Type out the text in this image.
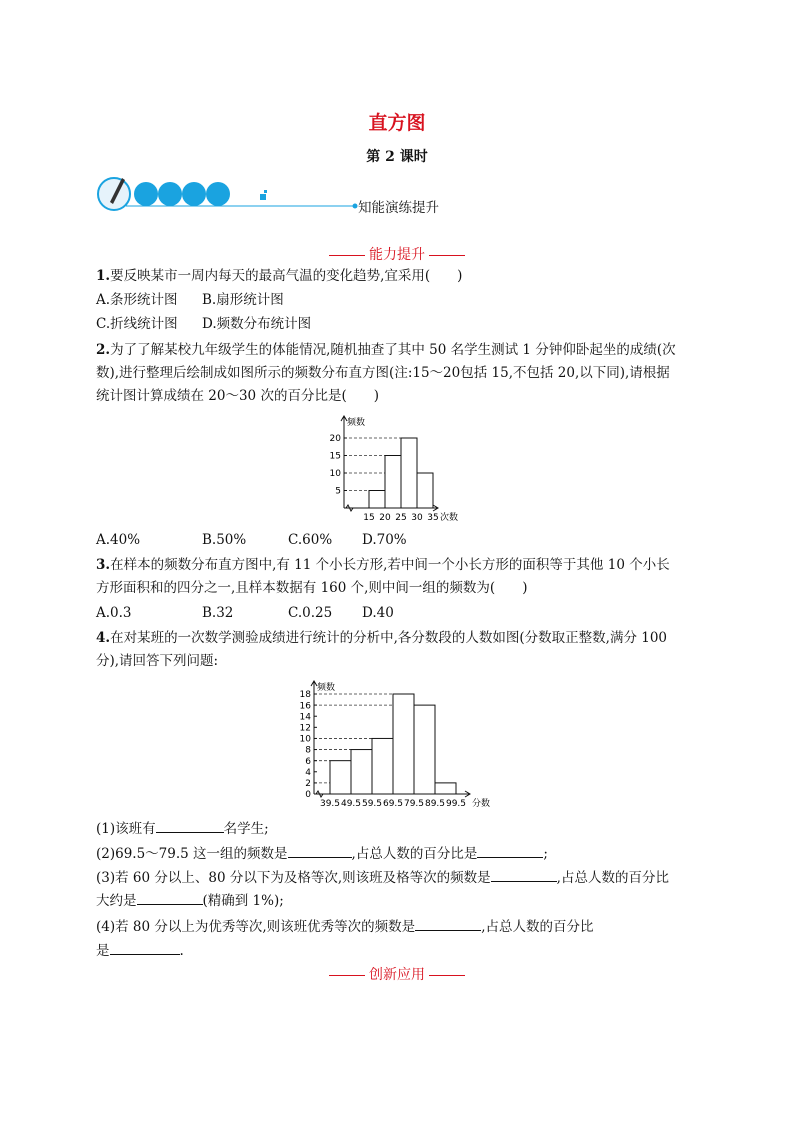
直方图
第 2 课时
知能演练提升
能力提升
1.要反映某市一周内每天的最高气温的变化趋势,宜采用(　　)
A.条形统计图 B.扇形统计图
C.折线统计图 D.频数分布统计图
2.为了了解某校九年级学生的体能情况,随机抽查了其中 50 名学生测试 1 分钟仰卧起坐的成绩(次
数),进行整理后绘制成如图所示的频数分布直方图(注:15～20包括 15,不包括 20,以下同),请根据
统计图计算成绩在 20～30 次的百分比是(　　)
5
10
15
20
15 20 25 30 35 次数
频数
A.40%	B.50%	C.60% D.70%
3.在样本的频数分布直方图中,有 11 个小长方形,若中间一个小长方形的面积等于其他 10 个小长
方形面积和的四分之一,且样本数据有 160 个,则中间一组的频数为(　　)
A.0.3	B.32	C.0.25 D.40
4.在对某班的一次数学测验成绩进行统计的分析中,各分数段的人数如图(分数取正整数,满分 100
分),请回答下列问题:
0
2
4
6
8
10
12
14
16
18
39.5 49.5 59.5 69.5 79.5 89.5 99.5 分数
频数
(1)该班有	名学生;
(2)69.5～79.5 这一组的频数是	,占总人数的百分比是	;
(3)若 60 分以上、80 分以下为及格等次,则该班及格等次的频数是	,占总人数的百分比
大约是	(精确到 1%);
(4)若 80 分以上为优秀等次,则该班优秀等次的频数是	,占总人数的百分比
是	.
创新应用
